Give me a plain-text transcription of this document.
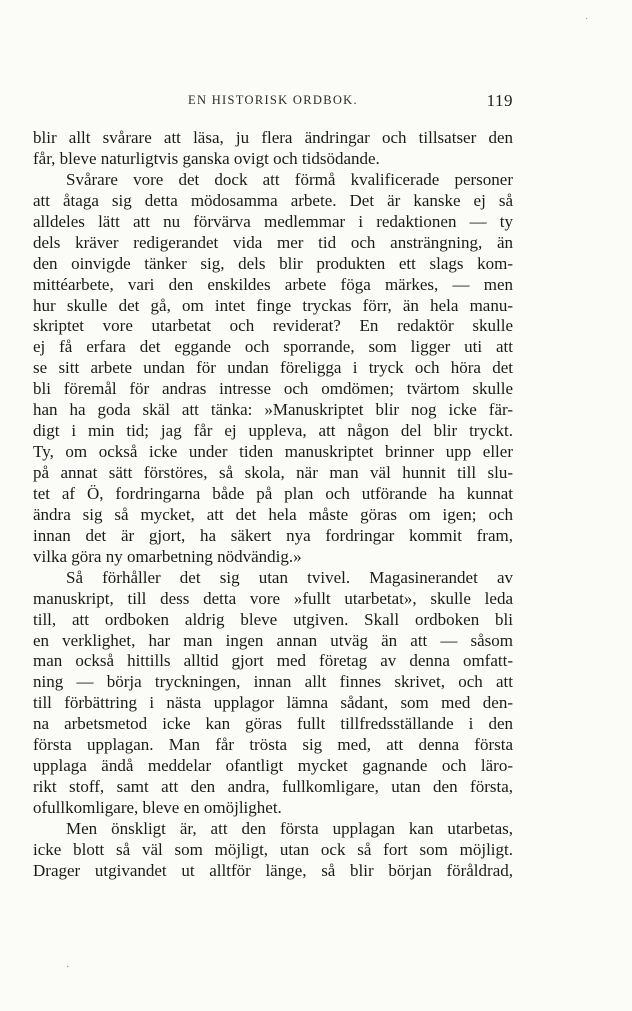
EN HISTORISK ORDBOK.	119
blir allt svårare att läsa, ju flera ändringar och tillsatser den
får, bleve naturligtvis ganska ovigt och tidsödande.
Svårare vore det dock att förmå kvalificerade personer
att åtaga sig detta mödosamma arbete. Det är kanske ej så
alldeles lätt att nu förvärva medlemmar i redaktionen — ty
dels kräver redigerandet vida mer tid och ansträngning, än
den oinvigde tänker sig, dels blir produkten ett slags kom-
mittéarbete, vari den enskildes arbete föga märkes, — men
hur skulle det gå, om intet finge tryckas förr, än hela manu-
skriptet vore utarbetat och reviderat? En redaktör skulle
ej få erfara det eggande och sporrande, som ligger uti att
se sitt arbete undan för undan föreligga i tryck och höra det
bli föremål för andras intresse och omdömen; tvärtom skulle
han ha goda skäl att tänka: »Manuskriptet blir nog icke fär-
digt i min tid; jag får ej uppleva, att någon del blir tryckt.
Ty, om också icke under tiden manuskriptet brinner upp eller
på annat sätt förstöres, så skola, när man väl hunnit till slu-
tet af Ö, fordringarna både på plan och utförande ha kunnat
ändra sig så mycket, att det hela måste göras om igen; och
innan det är gjort, ha säkert nya fordringar kommit fram,
vilka göra ny omarbetning nödvändig.»
Så förhåller det sig utan tvivel. Magasinerandet av
manuskript, till dess detta vore »fullt utarbetat», skulle leda
till, att ordboken aldrig bleve utgiven. Skall ordboken bli
en verklighet, har man ingen annan utväg än att — såsom
man också hittills alltid gjort med företag av denna omfatt-
ning — börja tryckningen, innan allt finnes skrivet, och att
till förbättring i nästa upplagor lämna sådant, som med den-
na arbetsmetod icke kan göras fullt tillfredsställande i den
första upplagan. Man får trösta sig med, att denna första
upplaga ändå meddelar ofantligt mycket gagnande och läro-
rikt stoff, samt att den andra, fullkomligare, utan den första,
ofullkomligare, bleve en omöjlighet.
Men önskligt är, att den första upplagan kan utarbetas,
icke blott så väl som möjligt, utan ock så fort som möjligt.
Drager utgivandet ut alltför länge, så blir början föråldrad,
·
·
